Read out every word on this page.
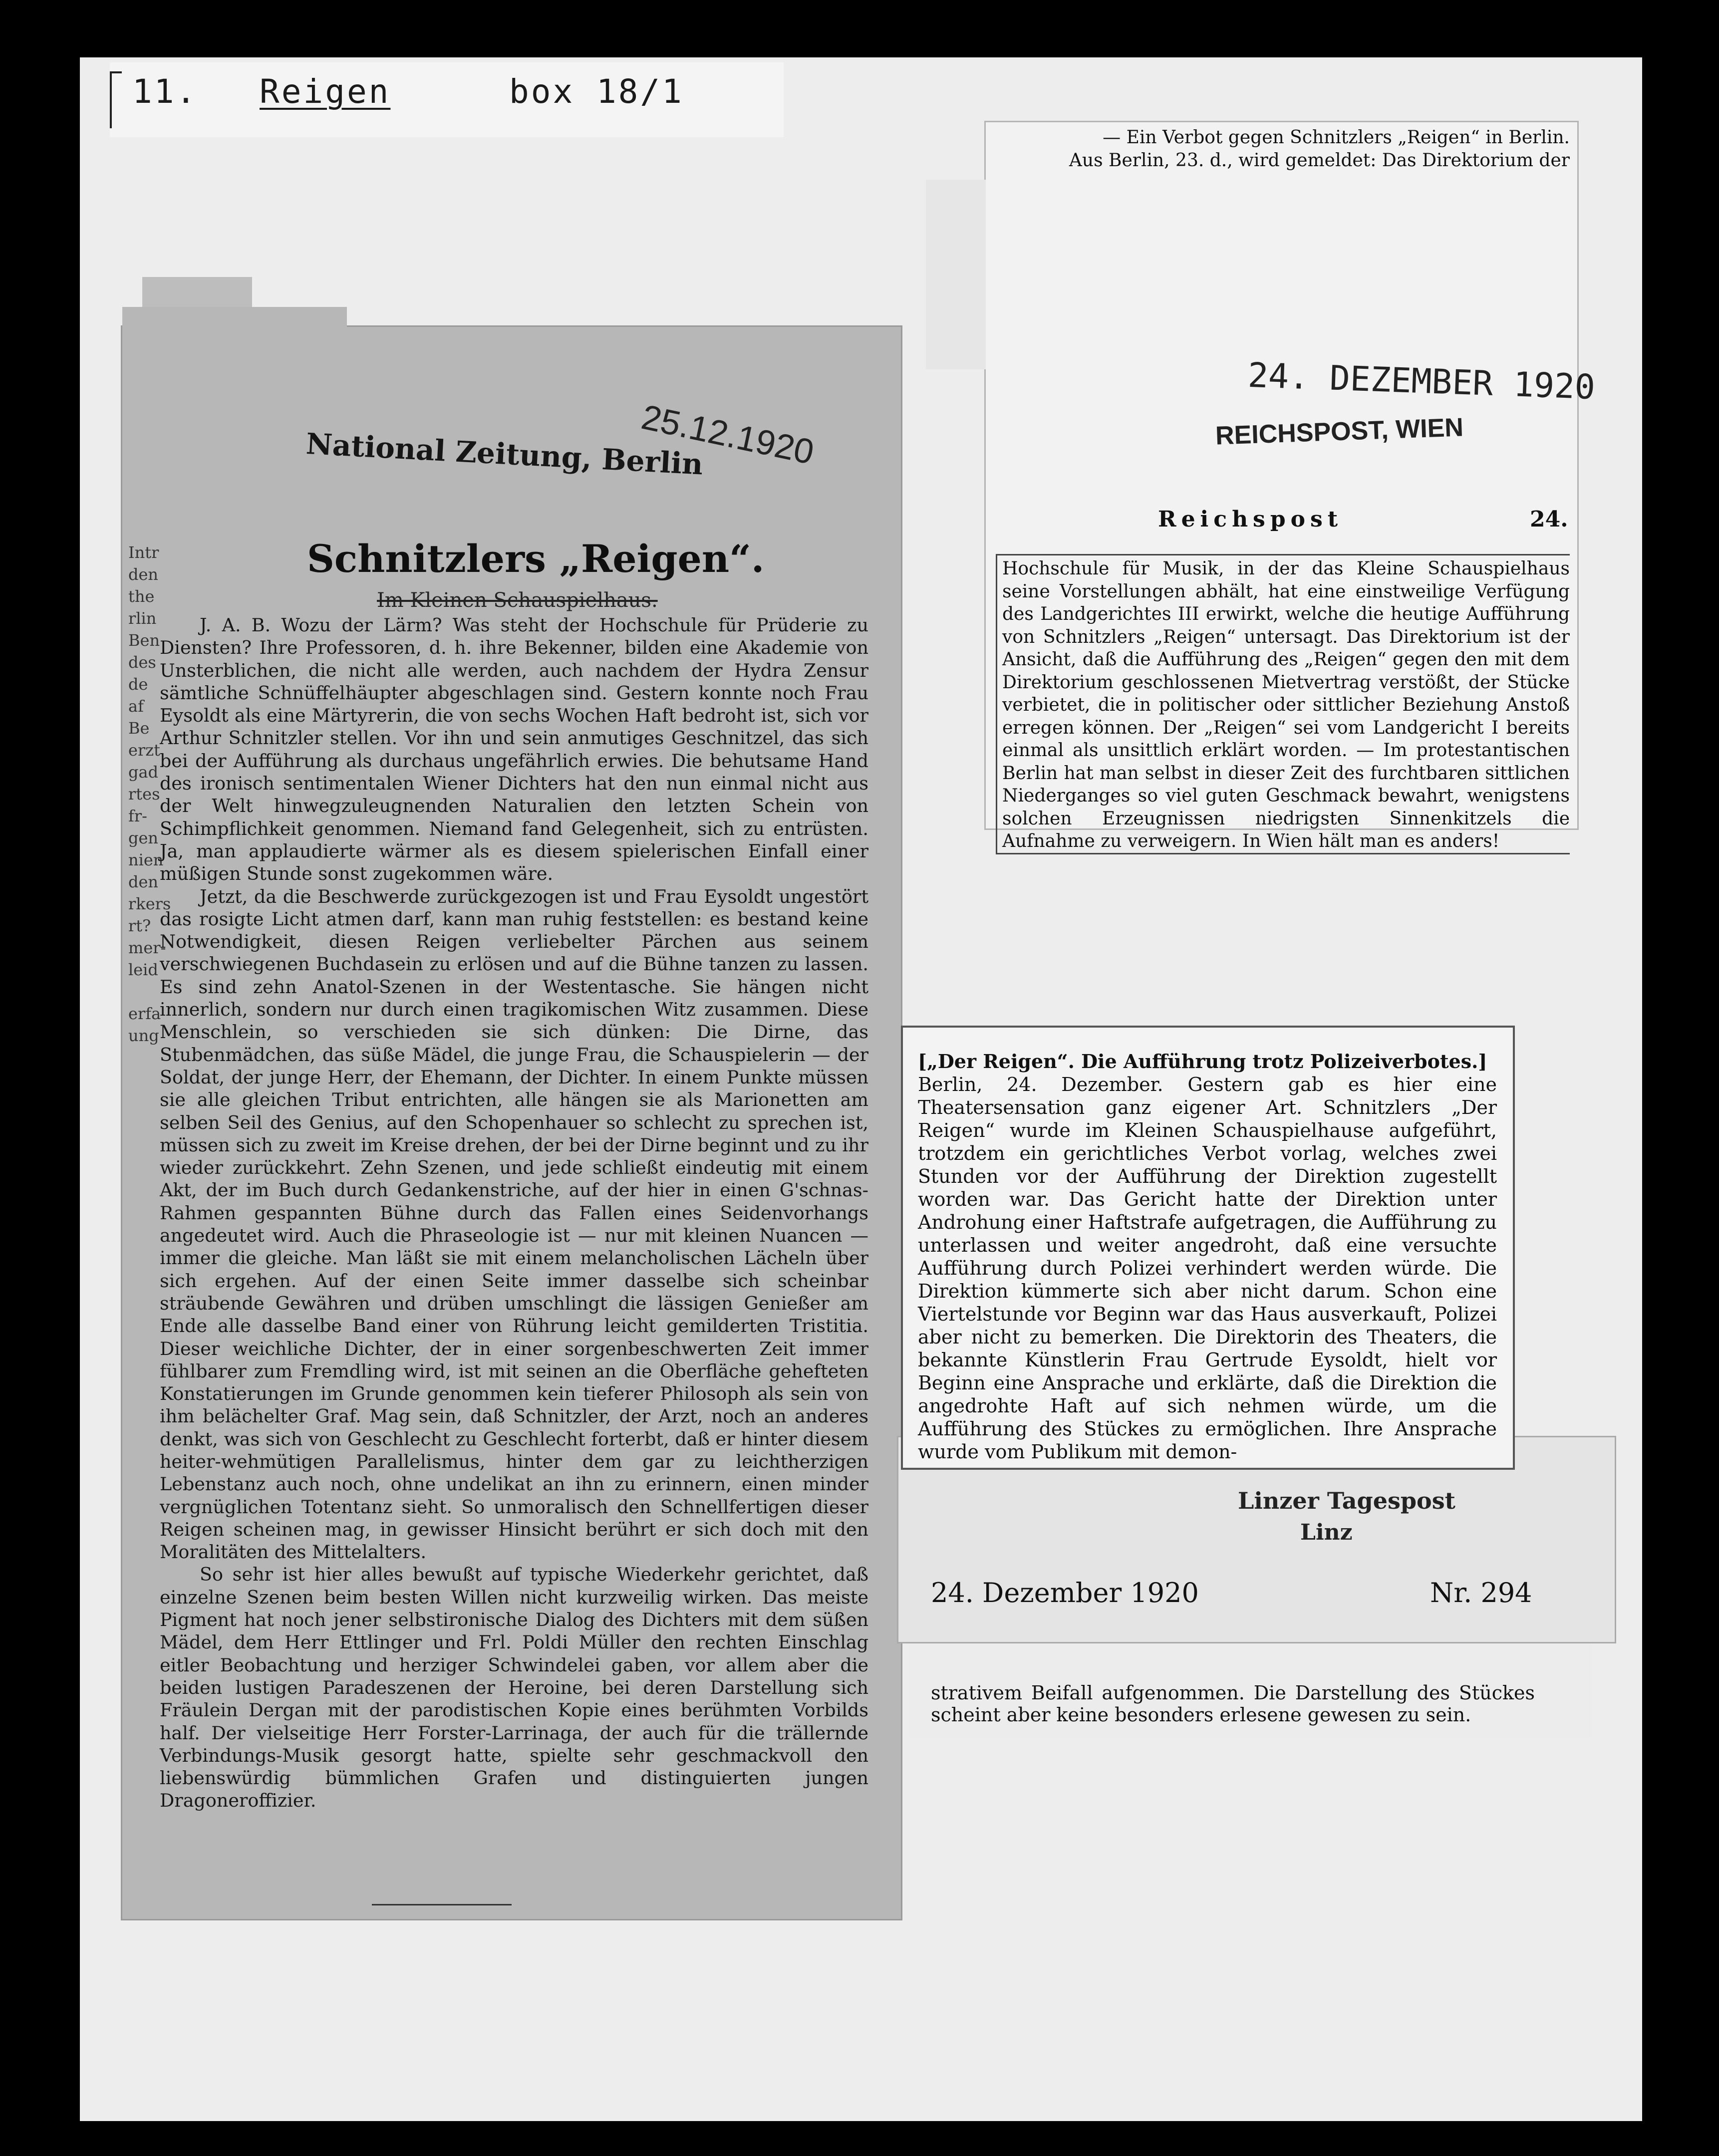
11. Reigen	box 18/1
National Zeitung, Berlin
25.12.1920
Intr
den
the
rlin
Ben
des
de
af
Be
erzt
gad
rtes
fr-
gen
nien
den
rkers
rt?
mer-
leid

erfa
ung
Schnitzlers „Reigen“.
Im Kleinen Schauspielhaus.

J. A. B. Wozu der Lärm? Was steht der Hochschule für Prüderie zu Diensten? Ihre Professoren, d. h. ihre Bekenner, bilden eine Akademie von Unsterblichen, die nicht alle werden, auch nachdem der Hydra Zensur sämtliche Schnüffelhäupter abgeschlagen sind. Gestern konnte noch Frau Eysoldt als eine Märtyrerin, die von sechs Wochen Haft bedroht ist, sich vor Arthur Schnitzler stellen. Vor ihn und sein anmutiges Geschnitzel, das sich bei der Aufführung als durchaus ungefährlich erwies. Die behutsame Hand des ironisch sentimentalen Wiener Dichters hat den nun einmal nicht aus der Welt hinwegzuleugnenden Naturalien den letzten Schein von Schimpflichkeit genommen. Niemand fand Gelegenheit, sich zu entrüsten. Ja, man applaudierte wärmer als es diesem spielerischen Einfall einer müßigen Stunde sonst zugekommen wäre.

Jetzt, da die Beschwerde zurückgezogen ist und Frau Eysoldt ungestört das rosigte Licht atmen darf, kann man ruhig feststellen: es bestand keine Notwendigkeit, diesen Reigen verliebelter Pärchen aus seinem verschwiegenen Buchdasein zu erlösen und auf die Bühne tanzen zu lassen. Es sind zehn Anatol-Szenen in der Westentasche. Sie hängen nicht innerlich, sondern nur durch einen tragikomischen Witz zusammen. Diese Menschlein, so verschieden sie sich dünken: Die Dirne, das Stubenmädchen, das süße Mädel, die junge Frau, die Schauspielerin — der Soldat, der junge Herr, der Ehemann, der Dichter. In einem Punkte müssen sie alle gleichen Tribut entrichten, alle hängen sie als Marionetten am selben Seil des Genius, auf den Schopenhauer so schlecht zu sprechen ist, müssen sich zu zweit im Kreise drehen, der bei der Dirne beginnt und zu ihr wieder zurückkehrt. Zehn Szenen, und jede schließt eindeutig mit einem Akt, der im Buch durch Gedankenstriche, auf der hier in einen G'schnas-Rahmen gespannten Bühne durch das Fallen eines Seidenvorhangs angedeutet wird. Auch die Phraseologie ist — nur mit kleinen Nuancen — immer die gleiche. Man läßt sie mit einem melancholischen Lächeln über sich ergehen. Auf der einen Seite immer dasselbe sich scheinbar sträubende Gewähren und drüben umschlingt die lässigen Genießer am Ende alle dasselbe Band einer von Rührung leicht gemilderten Tristitia. Dieser weichliche Dichter, der in einer sorgenbeschwerten Zeit immer fühlbarer zum Fremdling wird, ist mit seinen an die Oberfläche gehefteten Konstatierungen im Grunde genommen kein tieferer Philosoph als sein von ihm belächelter Graf. Mag sein, daß Schnitzler, der Arzt, noch an anderes denkt, was sich von Geschlecht zu Geschlecht forterbt, daß er hinter diesem heiter-wehmütigen Parallelismus, hinter dem gar zu leichtherzigen Lebenstanz auch noch, ohne undelikat an ihn zu erinnern, einen minder vergnüglichen Totentanz sieht. So unmoralisch den Schnellfertigen dieser Reigen scheinen mag, in gewisser Hinsicht berührt er sich doch mit den Moralitäten des Mittelalters.

So sehr ist hier alles bewußt auf typische Wiederkehr gerichtet, daß einzelne Szenen beim besten Willen nicht kurzweilig wirken. Das meiste Pigment hat noch jener selbstironische Dialog des Dichters mit dem süßen Mädel, dem Herr Ettlinger und Frl. Poldi Müller den rechten Einschlag eitler Beobachtung und herziger Schwindelei gaben, vor allem aber die beiden lustigen Paradeszenen der Heroine, bei deren Darstellung sich Fräulein Dergan mit der parodistischen Kopie eines berühmten Vorbilds half. Der vielseitige Herr Forster-Larrinaga, der auch für die trällernde Verbindungs-Musik gesorgt hatte, spielte sehr geschmackvoll den liebenswürdig bümmlichen Grafen und distinguierten jungen Dragoneroffizier.

— Ein Verbot gegen Schnitzlers „Reigen“ in Berlin.
Aus Berlin, 23. d., wird gemeldet: Das Direktorium der
24. DEZEMBER 1920
REICHSPOST, WIEN
Reichspost	24.

Hochschule für Musik, in der das Kleine Schauspielhaus seine Vorstellungen abhält, hat eine einstweilige Verfügung des Landgerichtes III erwirkt, welche die heutige Aufführung von Schnitzlers „Reigen“ untersagt. Das Direktorium ist der Ansicht, daß die Aufführung des „Reigen“ gegen den mit dem Direktorium geschlossenen Mietvertrag verstößt, der Stücke verbietet, die in politischer oder sittlicher Beziehung Anstoß erregen können. Der „Reigen“ sei vom Landgericht I bereits einmal als unsittlich erklärt worden. — Im protestantischen Berlin hat man selbst in dieser Zeit des furchtbaren sittlichen Niederganges so viel guten Geschmack bewahrt, wenigstens solchen Erzeugnissen niedrigsten Sinnenkitzels die Aufnahme zu verweigern. In Wien hält man es anders!

strativem Beifall aufgenommen. Die Darstellung des Stückes scheint aber keine besonders erlesene gewesen zu sein.

Linzer Tagespost
Linz
24. Dezember 1920	Nr. 294

[„Der Reigen“. Die Aufführung trotz Polizeiverbotes.]

Berlin, 24. Dezember. Gestern gab es hier eine Theatersensation ganz eigener Art. Schnitzlers „Der Reigen“ wurde im Kleinen Schauspielhause aufgeführt, trotzdem ein gerichtliches Verbot vorlag, welches zwei Stunden vor der Aufführung der Direktion zugestellt worden war. Das Gericht hatte der Direktion unter Androhung einer Haftstrafe aufgetragen, die Aufführung zu unterlassen und weiter angedroht, daß eine versuchte Aufführung durch Polizei verhindert werden würde. Die Direktion kümmerte sich aber nicht darum. Schon eine Viertelstunde vor Beginn war das Haus ausverkauft, Polizei aber nicht zu bemerken. Die Direktorin des Theaters, die bekannte Künstlerin Frau Gertrude Eysoldt, hielt vor Beginn eine Ansprache und erklärte, daß die Direktion die angedrohte Haft auf sich nehmen würde, um die Aufführung des Stückes zu ermöglichen. Ihre Ansprache wurde vom Publikum mit demon-
